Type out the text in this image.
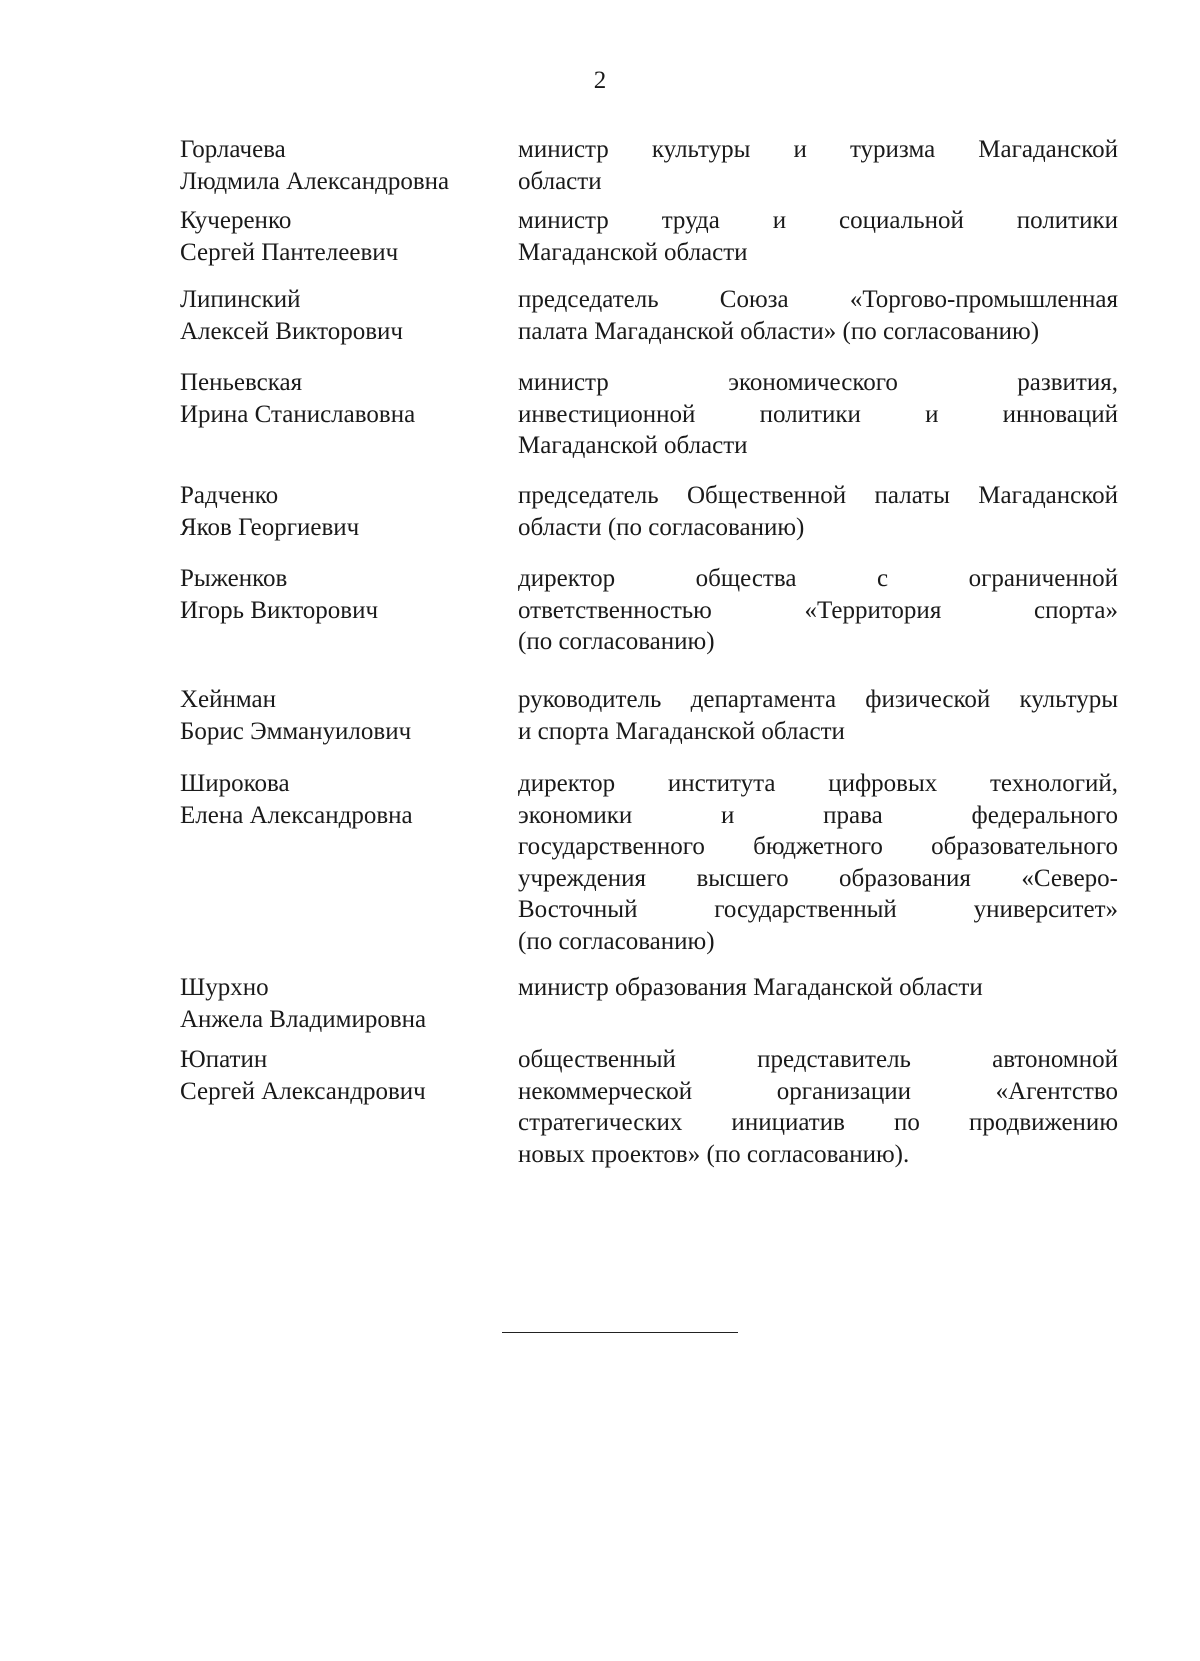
2
Горлачева
Людмила Александровна
министр культуры и туризма Магаданской
области
Кучеренко
Сергей Пантелеевич
министр труда и социальной политики
Магаданской области
Липинский
Алексей Викторович
председатель Союза «Торгово-промышленная
палата Магаданской области» (по согласованию)
Пеньевская
Ирина Станиславовна
министр экономического развития,
инвестиционной политики и инноваций
Магаданской области
Радченко
Яков Георгиевич
председатель Общественной палаты Магаданской
области (по согласованию)
Рыженков
Игорь Викторович
директор общества с ограниченной
ответственностью «Территория спорта»
(по согласованию)
Хейнман
Борис Эммануилович
руководитель департамента физической культуры
и спорта Магаданской области
Широкова
Елена Александровна
директор института цифровых технологий,
экономики и права федерального
государственного бюджетного образовательного
учреждения высшего образования «Северо-
Восточный государственный университет»
(по согласованию)
Шурхно
Анжела Владимировна
министр образования Магаданской области
Юпатин
Сергей Александрович
общественный представитель автономной
некоммерческой организации «Агентство
стратегических инициатив по продвижению
новых проектов» (по согласованию).
